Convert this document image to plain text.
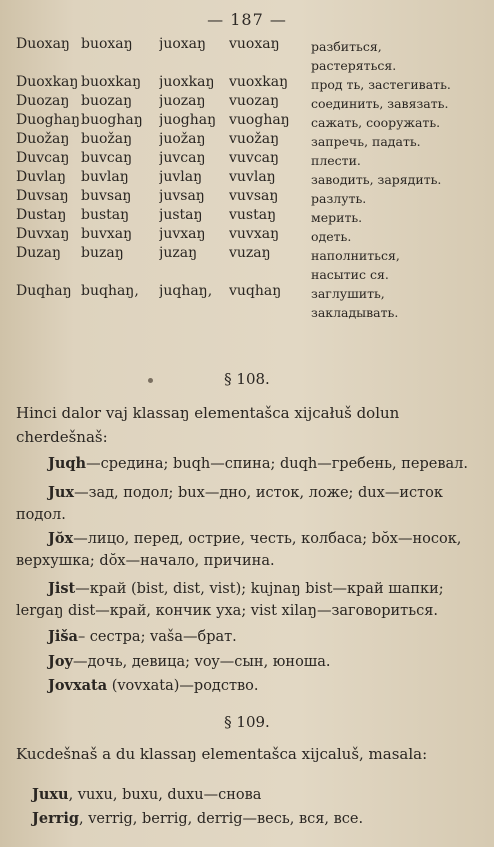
— 187 —
Duoxaŋ buoxaŋ	juoxaŋ	vuoxaŋ	разбиться,
растеряться.
Duoxkaŋ buoxkaŋ	juoxkaŋ	vuoxkaŋ	прод ть, застегивать.
Duozaŋ buozaŋ	juozaŋ	vuozaŋ	соединить, завязать.
Duoghaŋ buoghaŋ	juoghaŋ vuoghaŋ	сажать, сооружать.
Duožaŋ buožaŋ	juožaŋ	vuožaŋ	запречь, падать.
Duvcaŋ buvcaŋ	juvcaŋ	vuvcaŋ	плести.
Duvlaŋ	buvlaŋ	juvlaŋ	vuvlaŋ	заводить, зарядить.
Duvsaŋ buvsaŋ	juvsaŋ	vuvsaŋ	разлуть.
Dustaŋ	bustaŋ	justaŋ	vustaŋ	мерить.
Duvxaŋ buvxaŋ	juvxaŋ	vuvxaŋ	одеть.
Duzaŋ	buzaŋ	juzaŋ	vuzaŋ	наполниться,
насытис ся.
Duqhaŋ buqhaŋ,	juqhaŋ,	vuqhaŋ	заглушить,
закладывать.
§ 108.
Hinci dalor vaj klassaŋ elementašca xijcałuš dolun
cherdešnaš:
Juqh—средина; buqh—спина; duqh—гребень, перевал.
Jux—зад, подол; bux—дно, исток, ложе; dux—исток
подол.
Jŏx—лицо, перед, острие, честь, колбаса; bŏx—носок,
верхушка; dŏx—начало, причина.
Jist—край (bist, dist, vist); kujnaŋ bist—край шапки;
lergaŋ dist—край, кончик уха; vist xilaŋ—заговориться.
Jiša– сестра; vaša—брат.
Joy—дочь, девица; voy—сын, юноша.
Jovxata (vovxata)—родство.
§ 109.
Kucdešnaš a du klassaŋ elementašca xijcaluš, masala:
Juxu, vuxu, buxu, duxu—снова
Jerrig, verrig, berrig, derrig—весь, вся, все.
